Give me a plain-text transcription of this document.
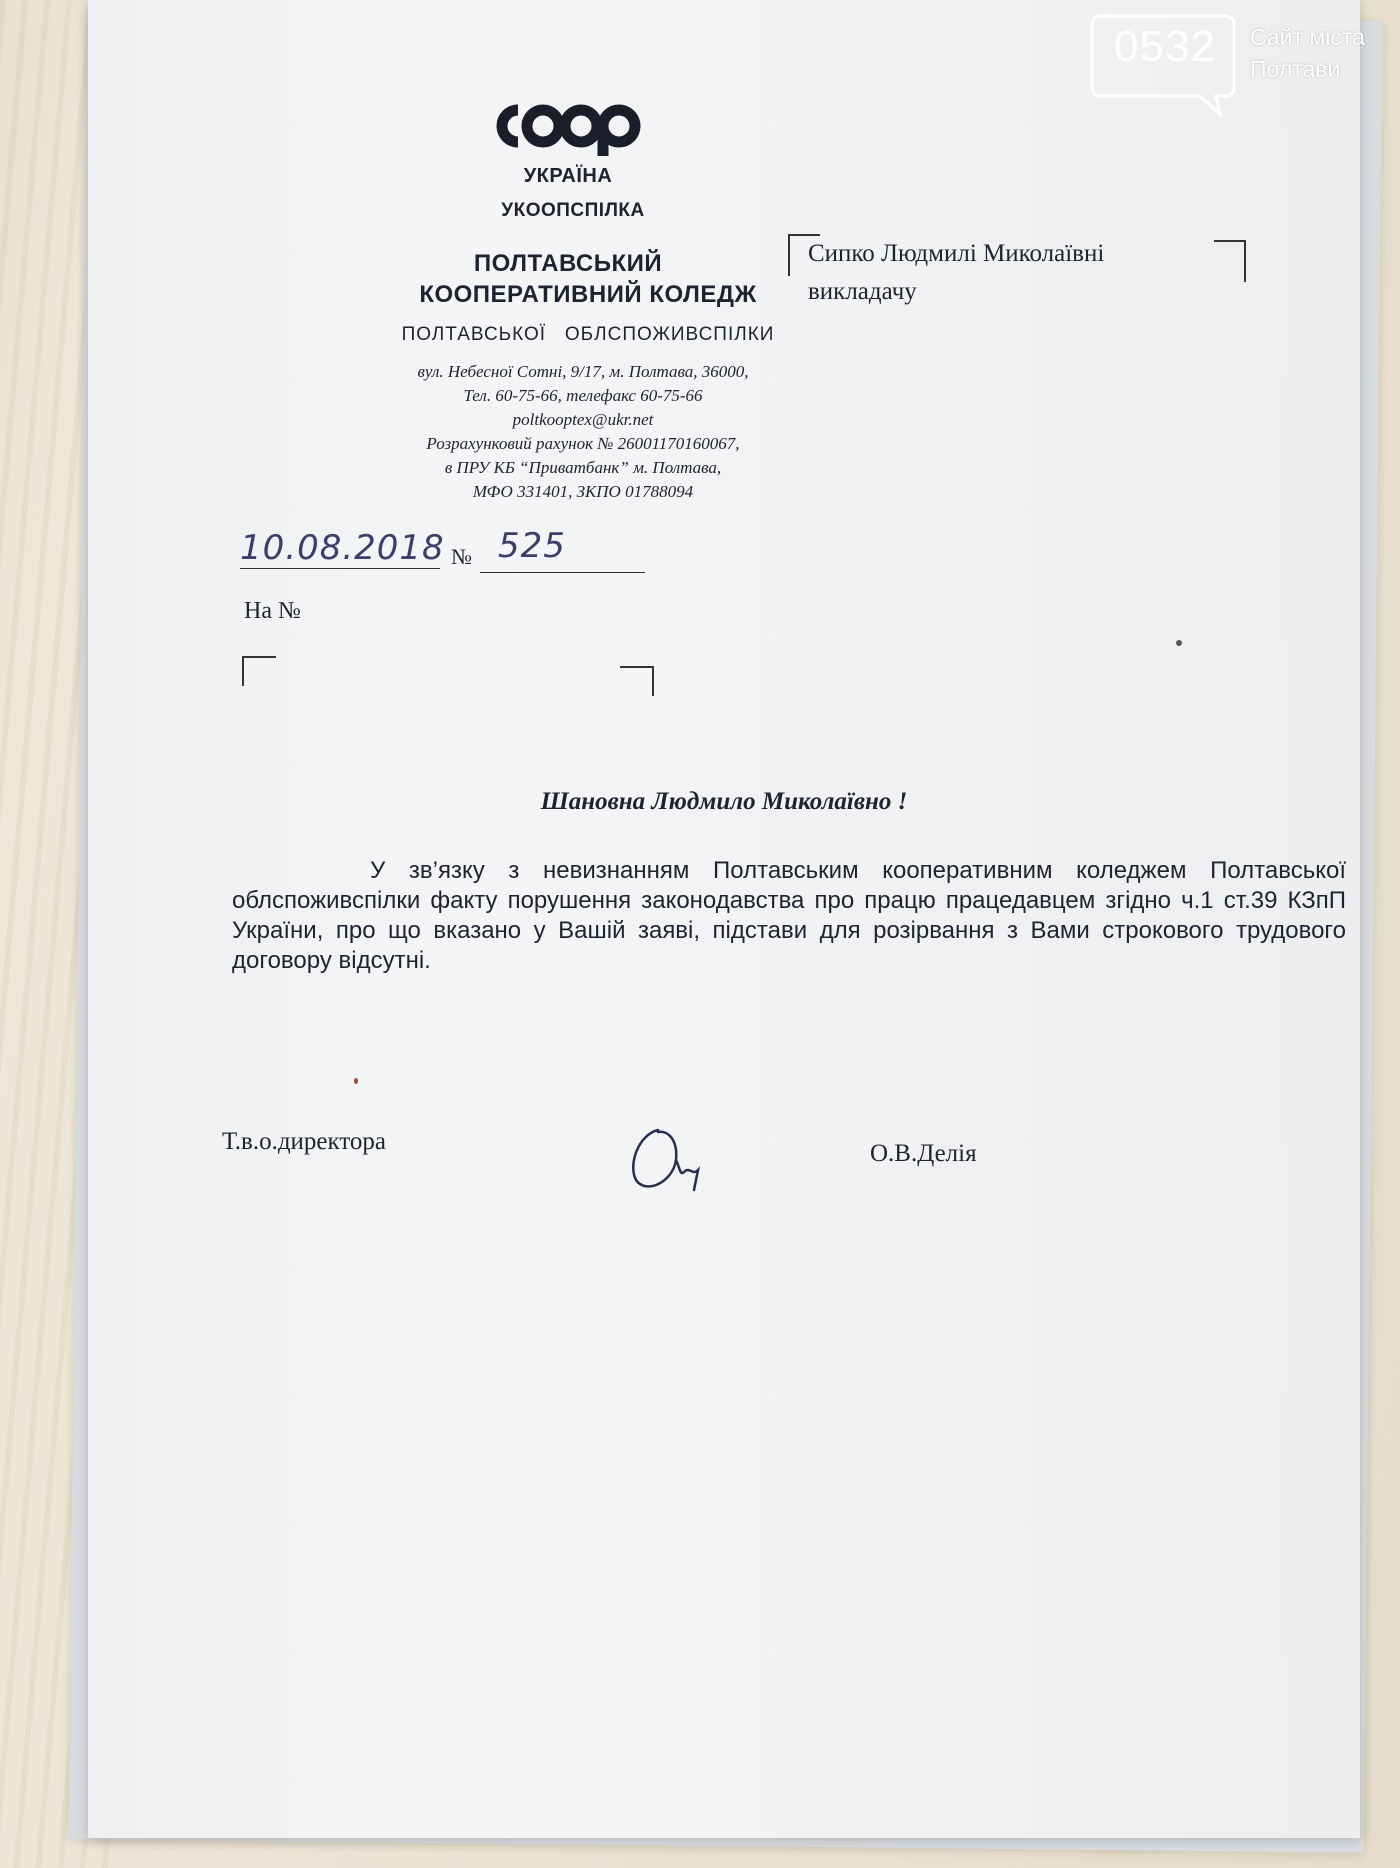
УКРАЇНА
УКООПСПІЛКА
ПОЛТАВСЬКИЙ
КООПЕРАТИВНИЙ КОЛЕДЖ
ПОЛТАВСЬКОЇ   ОБЛСПОЖИВСПІЛКИ
вул. Небесної Сотні, 9/17, м. Полтава, 36000,
Тел. 60-75-66, телефакс 60-75-66
poltkooptex@ukr.net
Розрахунковий рахунок № 26001170160067,
в ПРУ КБ “Приватбанк” м. Полтава,
МФО 331401, ЗКПО 01788094
10.08.2018 № 525
На №
Сипко Людмилі Миколаївні
викладачу
Шановна Людмило Миколаївно !
У зв’язку з невизнанням Полтавським кооперативним коледжем Полтавської облспоживспілки факту порушення законодавства про працю працедавцем згідно ч.1 ст.39 КЗпП України, про що вказано у Вашій заяві, підстави для розірвання з Вами строкового трудового договору відсутні.
Т.в.о.директора	О.В.Делія
0532	Сайт міста
Полтави
